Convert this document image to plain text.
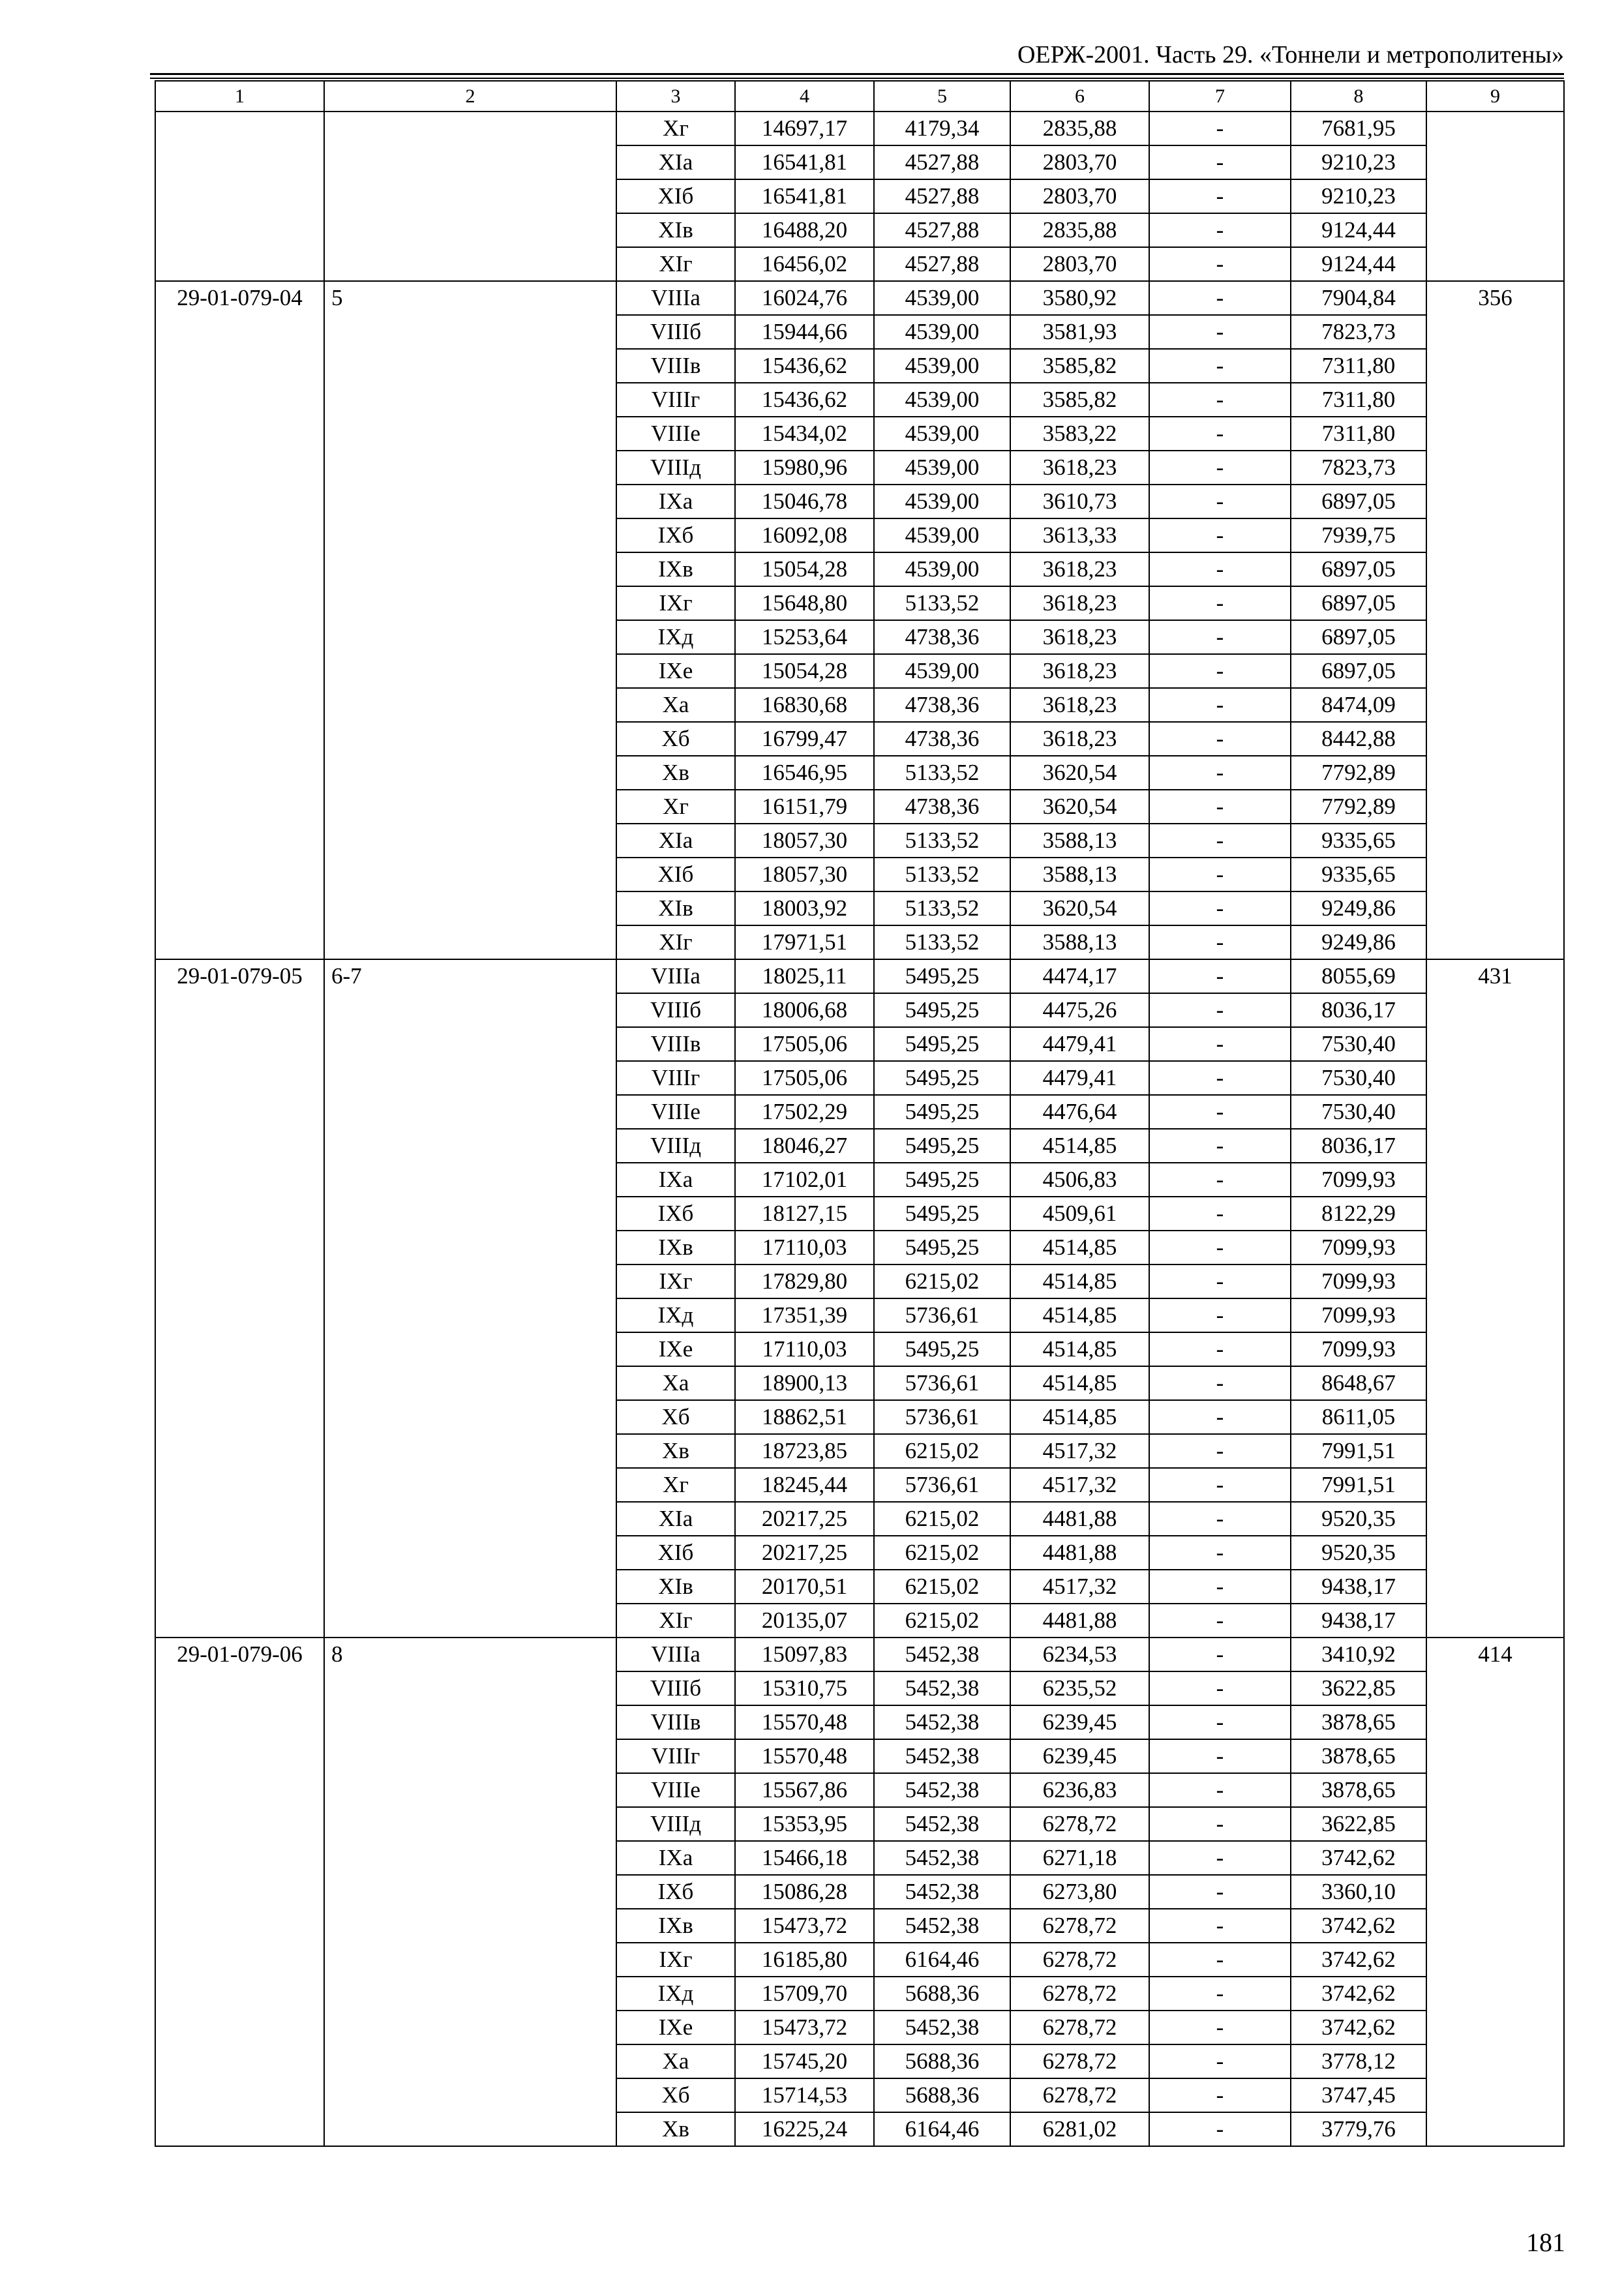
ОЕРЖ-2001. Часть 29. «Тоннели и метрополитены»
1	2	3	4	5	6	7	8	9
		Xг	14697,17	4179,34	2835,88	-	7681,95	
		XIа	16541,81	4527,88	2803,70	-	9210,23	
		XIб	16541,81	4527,88	2803,70	-	9210,23	
		XIв	16488,20	4527,88	2835,88	-	9124,44	
		XIг	16456,02	4527,88	2803,70	-	9124,44	
29-01-079-04	5	VIIIа	16024,76	4539,00	3580,92	-	7904,84	356
		VIIIб	15944,66	4539,00	3581,93	-	7823,73	
		VIIIв	15436,62	4539,00	3585,82	-	7311,80	
		VIIIг	15436,62	4539,00	3585,82	-	7311,80	
		VIIIе	15434,02	4539,00	3583,22	-	7311,80	
		VIIIд	15980,96	4539,00	3618,23	-	7823,73	
		IXа	15046,78	4539,00	3610,73	-	6897,05	
		IXб	16092,08	4539,00	3613,33	-	7939,75	
		IXв	15054,28	4539,00	3618,23	-	6897,05	
		IXг	15648,80	5133,52	3618,23	-	6897,05	
		IXд	15253,64	4738,36	3618,23	-	6897,05	
		IXе	15054,28	4539,00	3618,23	-	6897,05	
		Xа	16830,68	4738,36	3618,23	-	8474,09	
		Xб	16799,47	4738,36	3618,23	-	8442,88	
		Xв	16546,95	5133,52	3620,54	-	7792,89	
		Xг	16151,79	4738,36	3620,54	-	7792,89	
		XIа	18057,30	5133,52	3588,13	-	9335,65	
		XIб	18057,30	5133,52	3588,13	-	9335,65	
		XIв	18003,92	5133,52	3620,54	-	9249,86	
		XIг	17971,51	5133,52	3588,13	-	9249,86	
29-01-079-05	6-7	VIIIа	18025,11	5495,25	4474,17	-	8055,69	431
		VIIIб	18006,68	5495,25	4475,26	-	8036,17	
		VIIIв	17505,06	5495,25	4479,41	-	7530,40	
		VIIIг	17505,06	5495,25	4479,41	-	7530,40	
		VIIIе	17502,29	5495,25	4476,64	-	7530,40	
		VIIIд	18046,27	5495,25	4514,85	-	8036,17	
		IXа	17102,01	5495,25	4506,83	-	7099,93	
		IXб	18127,15	5495,25	4509,61	-	8122,29	
		IXв	17110,03	5495,25	4514,85	-	7099,93	
		IXг	17829,80	6215,02	4514,85	-	7099,93	
		IXд	17351,39	5736,61	4514,85	-	7099,93	
		IXе	17110,03	5495,25	4514,85	-	7099,93	
		Xа	18900,13	5736,61	4514,85	-	8648,67	
		Xб	18862,51	5736,61	4514,85	-	8611,05	
		Xв	18723,85	6215,02	4517,32	-	7991,51	
		Xг	18245,44	5736,61	4517,32	-	7991,51	
		XIа	20217,25	6215,02	4481,88	-	9520,35	
		XIб	20217,25	6215,02	4481,88	-	9520,35	
		XIв	20170,51	6215,02	4517,32	-	9438,17	
		XIг	20135,07	6215,02	4481,88	-	9438,17	
29-01-079-06	8	VIIIа	15097,83	5452,38	6234,53	-	3410,92	414
		VIIIб	15310,75	5452,38	6235,52	-	3622,85	
		VIIIв	15570,48	5452,38	6239,45	-	3878,65	
		VIIIг	15570,48	5452,38	6239,45	-	3878,65	
		VIIIе	15567,86	5452,38	6236,83	-	3878,65	
		VIIIд	15353,95	5452,38	6278,72	-	3622,85	
		IXа	15466,18	5452,38	6271,18	-	3742,62	
		IXб	15086,28	5452,38	6273,80	-	3360,10	
		IXв	15473,72	5452,38	6278,72	-	3742,62	
		IXг	16185,80	6164,46	6278,72	-	3742,62	
		IXд	15709,70	5688,36	6278,72	-	3742,62	
		IXе	15473,72	5452,38	6278,72	-	3742,62	
		Xа	15745,20	5688,36	6278,72	-	3778,12	
		Xб	15714,53	5688,36	6278,72	-	3747,45	
		Xв	16225,24	6164,46	6281,02	-	3779,76	
181
